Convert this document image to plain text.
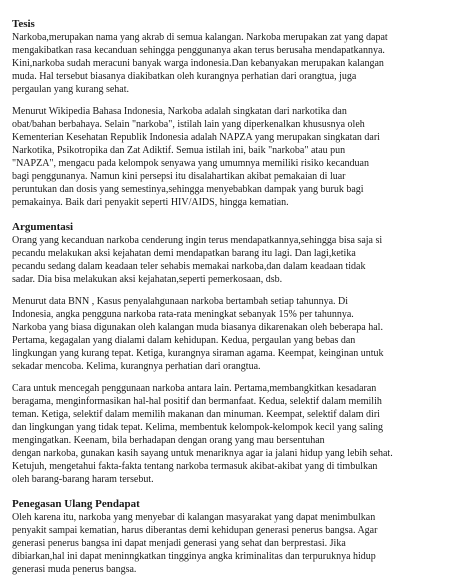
Tesis
Narkoba,merupakan nama yang akrab di semua kalangan. Narkoba merupakan zat yang dapat
mengakibatkan rasa kecanduan sehingga penggunanya akan terus berusaha mendapatkannya.
Kini,narkoba sudah meracuni banyak warga indonesia.Dan kebanyakan merupakan kalangan
muda. Hal tersebut biasanya diakibatkan oleh kurangnya perhatian dari orangtua, juga
pergaulan yang kurang sehat.
Menurut Wikipedia Bahasa Indonesia, Narkoba adalah singkatan dari narkotika dan
obat/bahan berbahaya. Selain "narkoba", istilah lain yang diperkenalkan khususnya oleh
Kementerian Kesehatan Republik Indonesia adalah NAPZA yang merupakan singkatan dari
Narkotika, Psikotropika dan Zat Adiktif. Semua istilah ini, baik "narkoba" atau pun
"NAPZA", mengacu pada kelompok senyawa yang umumnya memiliki risiko kecanduan
bagi penggunanya. Namun kini persepsi itu disalahartikan akibat pemakaian di luar
peruntukan dan dosis yang semestinya,sehingga menyebabkan dampak yang buruk bagi
pemakainya. Baik dari penyakit seperti HIV/AIDS, hingga kematian.
Argumentasi
Orang yang kecanduan narkoba cenderung ingin terus mendapatkannya,sehingga bisa saja si
pecandu melakukan aksi kejahatan demi mendapatkan barang itu lagi. Dan lagi,ketika
pecandu sedang dalam keadaan teler sehabis memakai narkoba,dan dalam keadaan tidak
sadar. Dia bisa melakukan aksi kejahatan,seperti pemerkosaan, dsb.
Menurut data BNN , Kasus penyalahgunaan narkoba bertambah setiap tahunnya. Di
Indonesia, angka pengguna narkoba rata-rata meningkat sebanyak 15% per tahunnya.
Narkoba yang biasa digunakan oleh kalangan muda biasanya dikarenakan oleh beberapa hal.
Pertama, kegagalan yang dialami dalam kehidupan. Kedua, pergaulan yang bebas dan
lingkungan yang kurang tepat. Ketiga, kurangnya siraman agama. Keempat, keinginan untuk
sekadar mencoba. Kelima, kurangnya perhatian dari orangtua.
Cara untuk mencegah penggunaan narkoba antara lain. Pertama,membangkitkan kesadaran
beragama, menginformasikan hal-hal positif dan bermanfaat. Kedua, selektif dalam memilih
teman. Ketiga, selektif dalam memilih makanan dan minuman. Keempat, selektif dalam diri
dan lingkungan yang tidak tepat. Kelima, membentuk kelompok-kelompok kecil yang saling
mengingatkan. Keenam, bila berhadapan dengan orang yang mau bersentuhan
dengan narkoba, gunakan kasih sayang untuk menariknya agar ia jalani hidup yang lebih sehat.
Ketujuh, mengetahui fakta-fakta tentang narkoba termasuk akibat-akibat yang di timbulkan
oleh barang-barang haram tersebut.
Penegasan Ulang Pendapat
Oleh karena itu, narkoba yang menyebar di kalangan masyarakat yang dapat menimbulkan
penyakit sampai kematian, harus diberantas demi kehidupan generasi penerus bangsa. Agar
generasi penerus bangsa ini dapat menjadi generasi yang sehat dan berprestasi. Jika
dibiarkan,hal ini dapat meninngkatkan tingginya angka kriminalitas dan terpuruknya hidup
generasi muda penerus bangsa.
